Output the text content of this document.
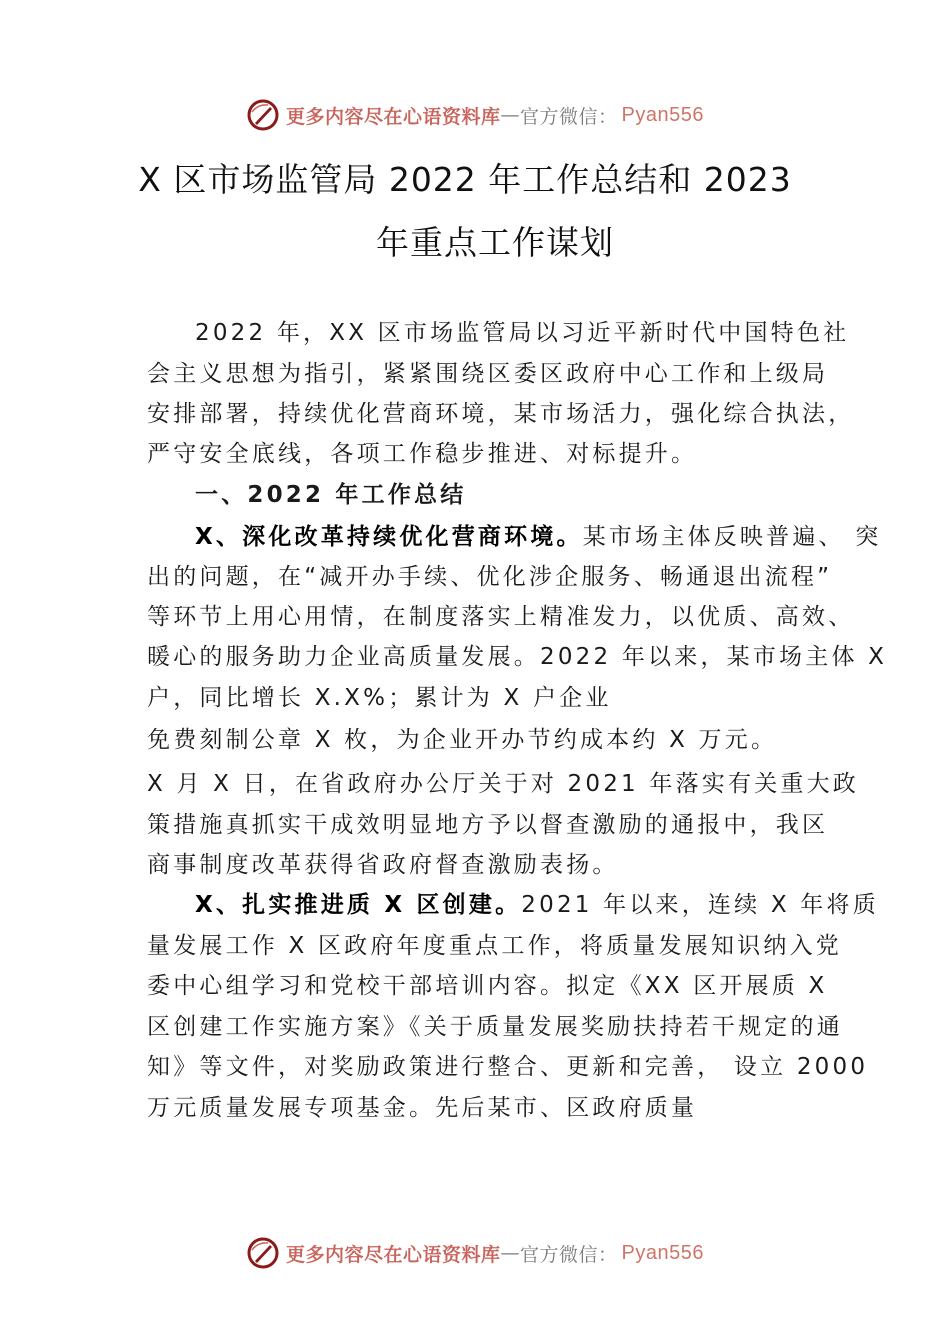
更多内容尽在心语资料库 — 官方微信： Pyan556
X 区市场监管局 2022 年工作总结和 2023
年重点工作谋划
2022 年，XX 区市场监管局以习近平新时代中国特色社
会主义思想为指引，紧紧围绕区委区政府中心工作和上级局
安排部署，持续优化营商环境，某市场活力，强化综合执法，
严守安全底线，各项工作稳步推进、对标提升。
一、2022 年工作总结
X、深化改革持续优化营商环境。某市场主体反映普遍、 突
出的问题，在“减开办手续、优化涉企服务、畅通退出流程”
等环节上用心用情，在制度落实上精准发力，以优质、高效、
暖心的服务助力企业高质量发展。2022 年以来，某市场主体 X
户，同比增长 X.X%；累计为 X 户企业
免费刻制公章 X 枚，为企业开办节约成本约 X 万元。
X 月 X 日，在省政府办公厅关于对 2021 年落实有关重大政
策措施真抓实干成效明显地方予以督查激励的通报中，我区
商事制度改革获得省政府督查激励表扬。
X、扎实推进质 X 区创建。2021 年以来，连续 X 年将质
量发展工作 X 区政府年度重点工作，将质量发展知识纳入党
委中心组学习和党校干部培训内容。拟定《XX 区开展质 X
区创建工作实施方案》《关于质量发展奖励扶持若干规定的通
知》等文件，对奖励政策进行整合、更新和完善， 设立 2000
万元质量发展专项基金。先后某市、区政府质量
更多内容尽在心语资料库 — 官方微信： Pyan556
